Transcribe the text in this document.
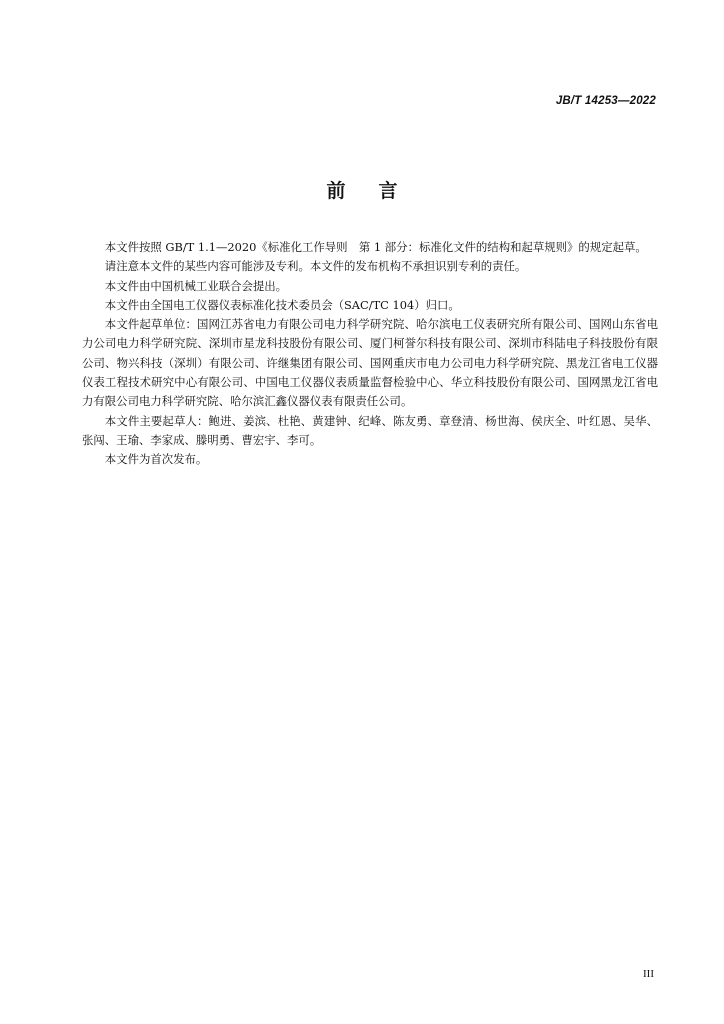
JB/T 14253—2022
前言

本文件按照 GB/T 1.1—2020《标准化工作导则　第 1 部分：标准化文件的结构和起草规则》的规定起草。

请注意本文件的某些内容可能涉及专利。本文件的发布机构不承担识别专利的责任。

本文件由中国机械工业联合会提出。

本文件由全国电工仪器仪表标准化技术委员会（SAC/TC 104）归口。

本文件起草单位：国网江苏省电力有限公司电力科学研究院、哈尔滨电工仪表研究所有限公司、国网山东省电力公司电力科学研究院、深圳市星龙科技股份有限公司、厦门柯誉尔科技有限公司、深圳市科陆电子科技股份有限公司、物兴科技（深圳）有限公司、许继集团有限公司、国网重庆市电力公司电力科学研究院、黑龙江省电工仪器仪表工程技术研究中心有限公司、中国电工仪器仪表质量监督检验中心、华立科技股份有限公司、国网黑龙江省电力有限公司电力科学研究院、哈尔滨汇鑫仪器仪表有限责任公司。

本文件主要起草人：鲍进、姜滨、杜艳、黄建钟、纪峰、陈友勇、章登清、杨世海、侯庆全、叶红恩、吴华、张闯、王瑜、李家成、滕明勇、曹宏宇、李可。

本文件为首次发布。

III
